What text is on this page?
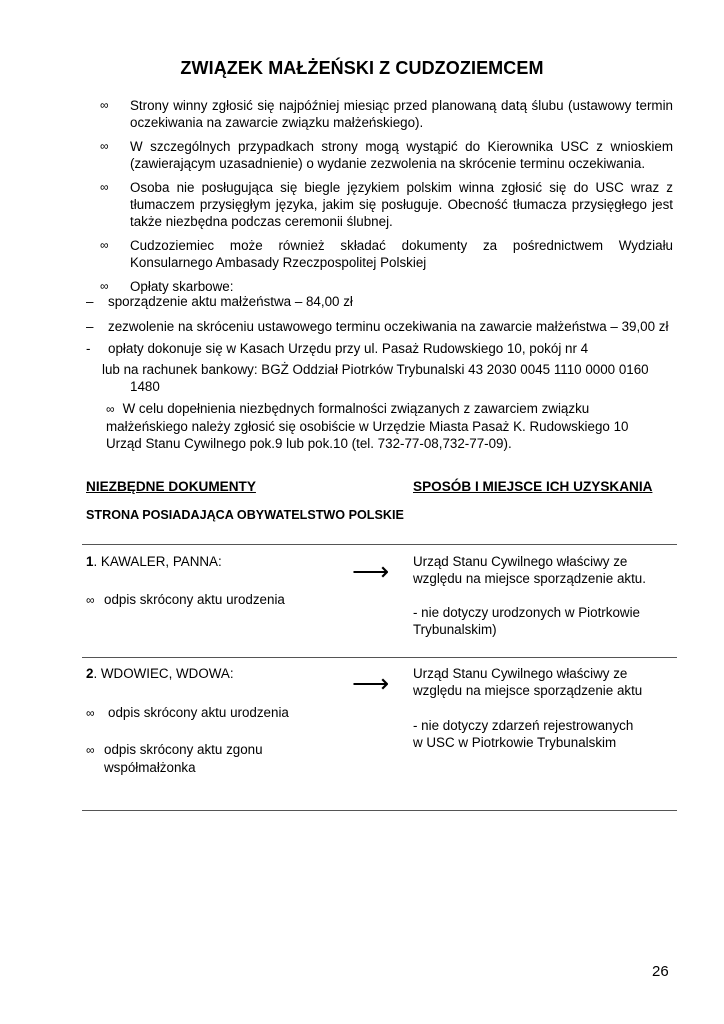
ZWIĄZEK MAŁŻEŃSKI Z CUDZOZIEMCEM
∞ Strony winny zgłosić się najpóźniej miesiąc przed planowaną datą ślubu (ustawowy termin oczekiwania na zawarcie związku małżeńskiego).
∞ W szczególnych przypadkach strony mogą wystąpić do Kierownika USC z wnioskiem (zawierającym uzasadnienie) o wydanie zezwolenia na skrócenie terminu oczekiwania.
∞ Osoba nie posługująca się biegle językiem polskim winna zgłosić się do USC wraz z tłumaczem przysięgłym języka, jakim się posługuje. Obecność tłumacza przysięgłego jest także niezbędna podczas ceremonii ślubnej.
∞ Cudzoziemiec może również składać dokumenty za pośrednictwem Wydziału Konsularnego Ambasady Rzeczpospolitej Polskiej
∞ Opłaty skarbowe:
– sporządzenie aktu małżeństwa – 84,00 zł
– zezwolenie na skróceniu ustawowego terminu oczekiwania na zawarcie małżeństwa – 39,00 zł
- opłaty dokonuje się w Kasach Urzędu przy ul. Pasaż Rudowskiego 10, pokój nr 4
lub na rachunek bankowy: BGŻ Oddział Piotrków Trybunalski 43 2030 0045 1110 0000 0160
1480
∞ W celu dopełnienia niezbędnych formalności związanych z zawarciem związku
małżeńskiego należy zgłosić się osobiście w Urzędzie Miasta Pasaż K. Rudowskiego 10
Urząd Stanu Cywilnego pok.9 lub pok.10 (tel. 732-77-08,732-77-09).
NIEZBĘDNE DOKUMENTY	SPOSÓB I MIEJSCE ICH UZYSKANIA
STRONA POSIADAJĄCA OBYWATELSTWO POLSKIE
1. KAWALER, PANNA:
∞ odpis skrócony aktu urodzenia
⟶ Urząd Stanu Cywilnego właściwy ze
względu na miejsce sporządzenie aktu.
- nie dotyczy urodzonych w Piotrkowie
Trybunalskim)
2. WDOWIEC, WDOWA:
∞ odpis skrócony aktu urodzenia
∞ odpis skrócony aktu zgonu
współmałżonka
⟶ Urząd Stanu Cywilnego właściwy ze
względu na miejsce sporządzenie aktu
- nie dotyczy zdarzeń rejestrowanych
w USC w Piotrkowie Trybunalskim
26
